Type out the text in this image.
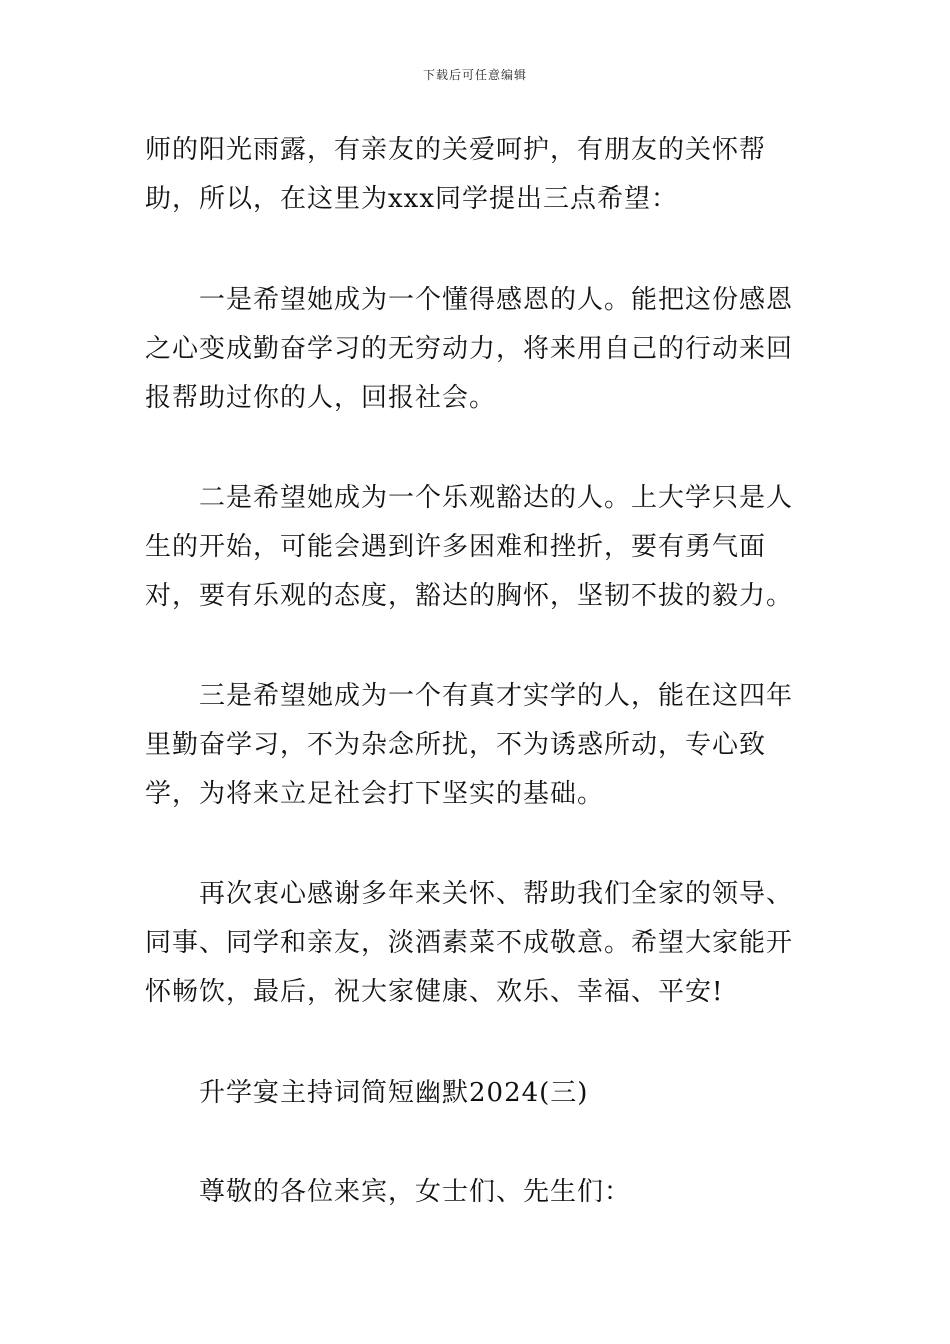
下载后可任意编辑

师的阳光雨露，有亲友的关爱呵护，有朋友的关怀帮助，所以，在这里为xxx同学提出三点希望：

一是希望她成为一个懂得感恩的人。能把这份感恩之心变成勤奋学习的无穷动力，将来用自己的行动来回报帮助过你的人，回报社会。

二是希望她成为一个乐观豁达的人。上大学只是人生的开始，可能会遇到许多困难和挫折，要有勇气面对，要有乐观的态度，豁达的胸怀，坚韧不拔的毅力。

三是希望她成为一个有真才实学的人，能在这四年里勤奋学习，不为杂念所扰，不为诱惑所动，专心致学，为将来立足社会打下坚实的基础。

再次衷心感谢多年来关怀、帮助我们全家的领导、同事、同学和亲友，淡酒素菜不成敬意。希望大家能开怀畅饮，最后，祝大家健康、欢乐、幸福、平安!

升学宴主持词简短幽默2024(三)

尊敬的各位来宾，女士们、先生们：
